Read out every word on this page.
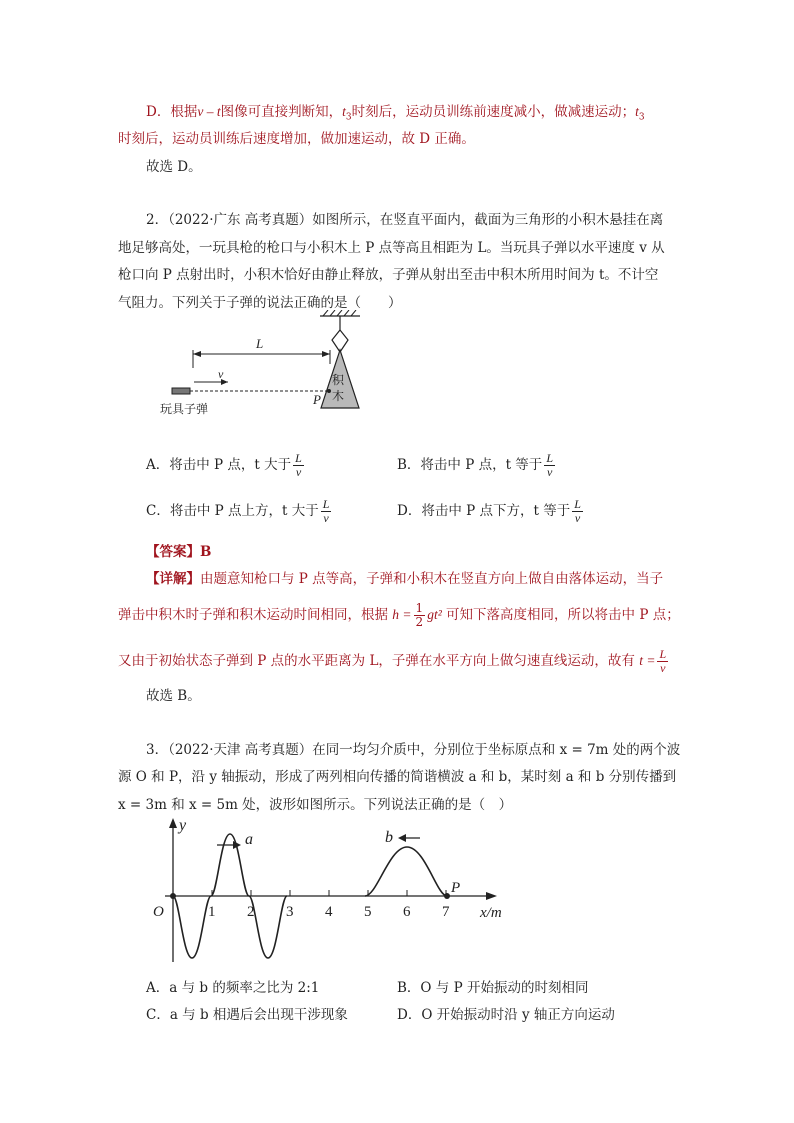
D．根据v – t图像可直接判断知，$t_3$时刻后，运动员训练前速度减小，做减速运动；$t_3$
时刻后，运动员训练后速度增加，做加速运动，故 D 正确。
故选 D。
2．（2022·广东 高考真题）如图所示，在竖直平面内，截面为三角形的小积木悬挂在离
地足够高处，一玩具枪的枪口与小积木上 P 点等高且相距为 L。当玩具子弹以水平速度 v 从
枪口向 P 点射出时，小积木恰好由静止释放，子弹从射出至击中积木所用时间为 t。不计空
气阻力。下列关于子弹的说法正确的是（　　）
积
木
L
v
P
玩具子弹
A．将击中 P 点，t 大于 $\frac{L}{v}$	B．将击中 P 点，t 等于 $\frac{L}{v}$
C．将击中 P 点上方，t 大于 $\frac{L}{v}$	D．将击中 P 点下方，t 等于 $\frac{L}{v}$
【答案】B
【详解】由题意知枪口与 P 点等高，子弹和小积木在竖直方向上做自由落体运动，当子
弹击中积木时子弹和积木运动时间相同，根据 $h = \frac{1}{2} gt^2$ 可知下落高度相同，所以将击中 P 点；
又由于初始状态子弹到 P 点的水平距离为 L，子弹在水平方向上做匀速直线运动，故有 $t = \frac{L}{v}$
故选 B。
3．（2022·天津 高考真题）在同一均匀介质中，分别位于坐标原点和 x = 7m 处的两个波
源 O 和 P，沿 y 轴振动，形成了两列相向传播的简谐横波 a 和 b，某时刻 a 和 b 分别传播到
x = 3m 和 x = 5m 处，波形如图所示。下列说法正确的是（　）
y
x/m
O	1 2 3 4 5 6 7
a	b
P
A．a 与 b 的频率之比为 2:1	B．O 与 P 开始振动的时刻相同
C．a 与 b 相遇后会出现干涉现象	D．O 开始振动时沿 y 轴正方向运动
